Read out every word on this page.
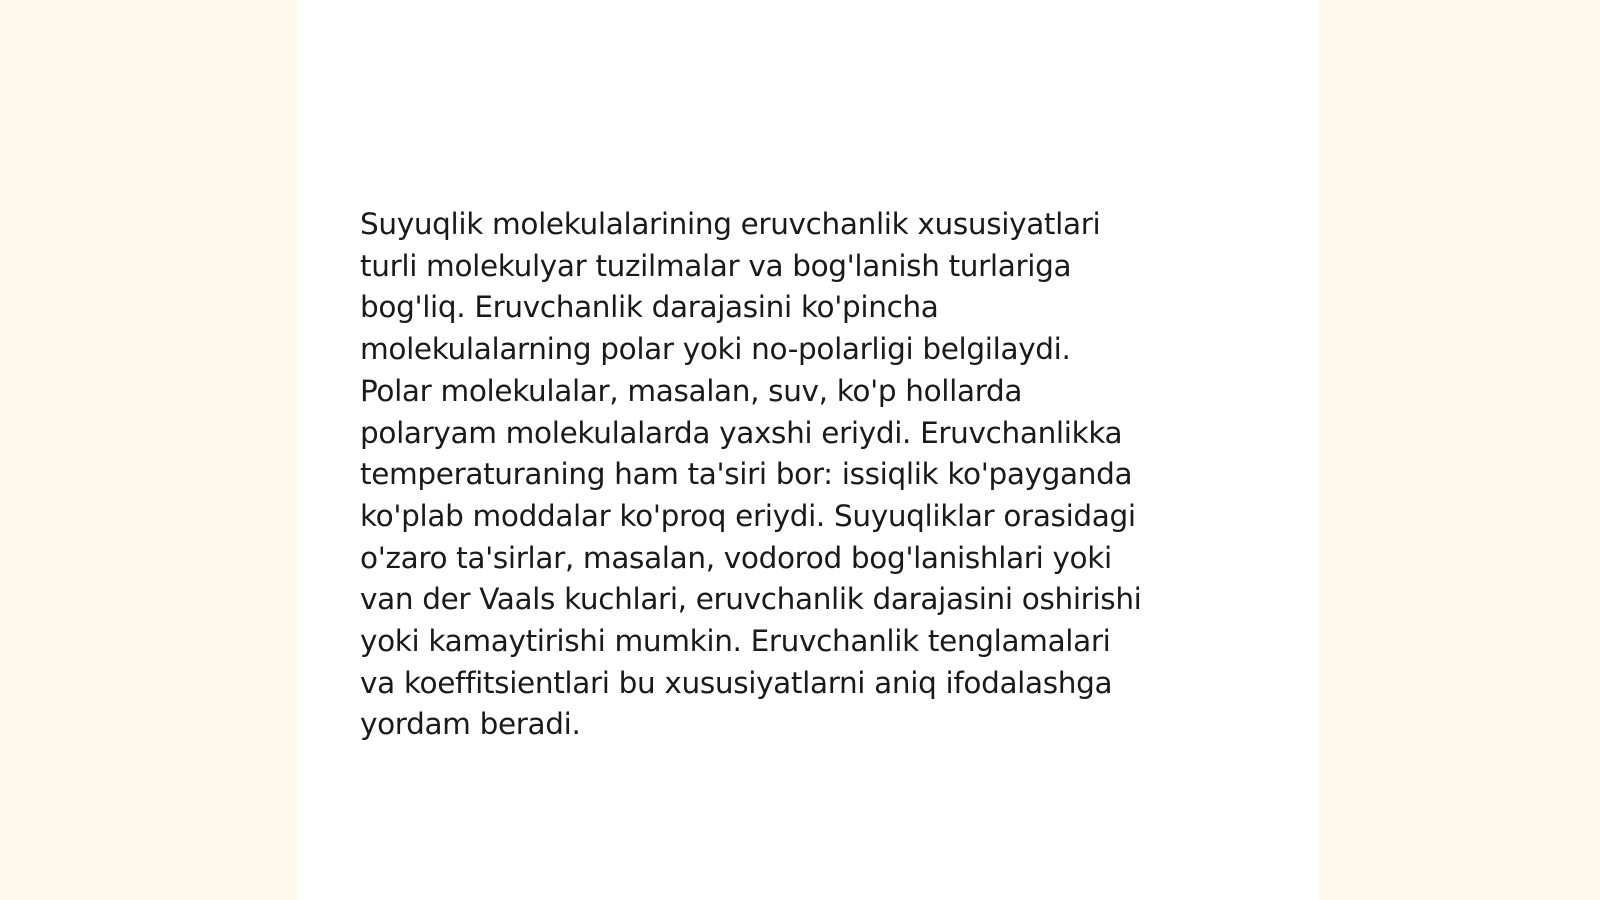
Suyuqlik molekulalarining eruvchanlik xususiyatlari
turli molekulyar tuzilmalar va bog'lanish turlariga
bog'liq. Eruvchanlik darajasini ko'pincha
molekulalarning polar yoki no-polarligi belgilaydi.
Polar molekulalar, masalan, suv, ko'p hollarda
polaryam molekulalarda yaxshi eriydi. Eruvchanlikka
temperaturaning ham ta'siri bor: issiqlik ko'payganda
ko'plab moddalar ko'proq eriydi. Suyuqliklar orasidagi
o'zaro ta'sirlar, masalan, vodorod bog'lanishlari yoki
van der Vaals kuchlari, eruvchanlik darajasini oshirishi
yoki kamaytirishi mumkin. Eruvchanlik tenglamalari
va koeffitsientlari bu xususiyatlarni aniq ifodalashga
yordam beradi.
